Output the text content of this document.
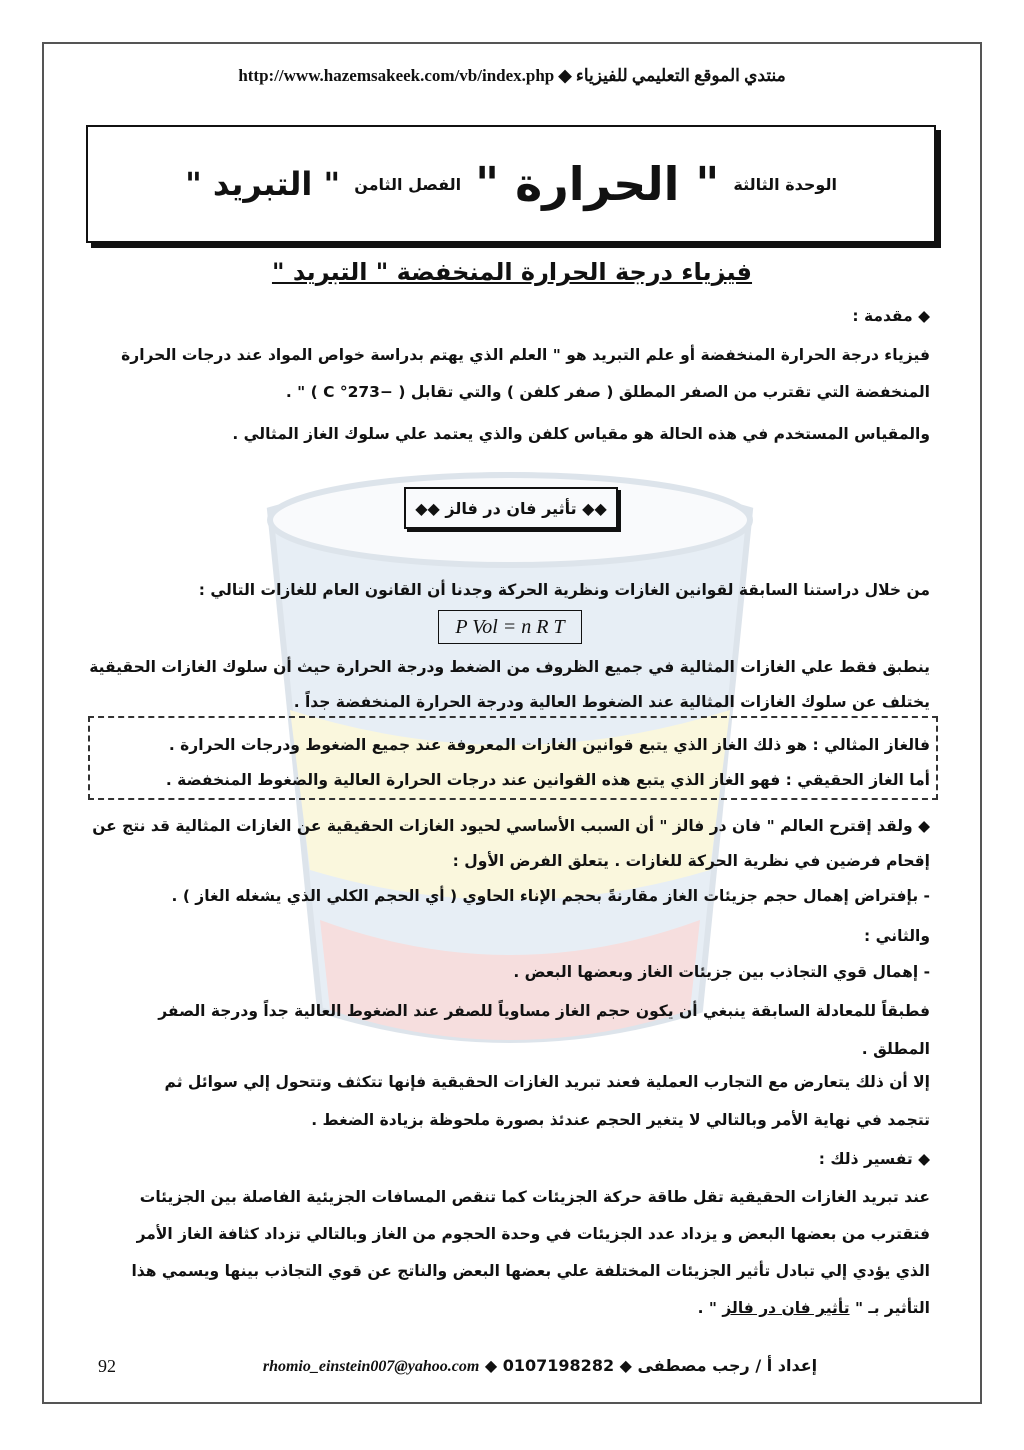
http://www.hazemsakeek.com/vb/index.php ◆ منتدي الموقع التعليمي للفيزياء
الوحدة الثالثة
" الحرارة "
الفصل الثامن
" التبريد "
فيزياء درجة الحرارة المنخفضة " التبريد "
◆ مقدمة :
فيزياء درجة الحرارة المنخفضة أو علم التبريد هو " العلم الذي يهتم بدراسة خواص المواد عند درجات الحرارة
المنخفضة التي تقترب من الصفر المطلق ( صفر كلفن ) والتي تقابل ( −273° C ) " .
والمقياس المستخدم في هذه الحالة هو مقياس كلفن والذي يعتمد علي سلوك الغاز المثالي .
◆◆ تأثير فان در فالز ◆◆
من خلال دراستنا السابقة لقوانين الغازات ونظرية الحركة وجدنا أن القانون العام للغازات التالي :
P Vol = n R T
ينطبق فقط علي الغازات المثالية في جميع الظروف من الضغط ودرجة الحرارة حيث أن سلوك الغازات الحقيقية
يختلف عن سلوك الغازات المثالية عند الضغوط العالية ودرجة الحرارة المنخفضة جداً .
فالغاز المثالي : هو ذلك الغاز الذي يتبع قوانين الغازات المعروفة عند جميع الضغوط ودرجات الحرارة .
أما الغاز الحقيقي : فهو الغاز الذي يتبع هذه القوانين عند درجات الحرارة العالية والضغوط المنخفضة .
◆ ولقد إقترح العالم " فان در فالز " أن السبب الأساسي لحيود الغازات الحقيقية عن الغازات المثالية قد نتج عن
إقحام فرضين في نظرية الحركة للغازات . يتعلق الفرض الأول :
- بإفتراض إهمال حجم جزيئات الغاز مقارنةً بحجم الإناء الحاوي ( أي الحجم الكلي الذي يشغله الغاز ) .
والثاني :
- إهمال قوي التجاذب بين جزيئات الغاز وبعضها البعض .
فطبقاً للمعادلة السابقة ينبغي أن يكون حجم الغاز مساوياً للصفر عند الضغوط العالية جداً ودرجة الصفر
المطلق .
إلا أن ذلك يتعارض مع التجارب العملية فعند تبريد الغازات الحقيقية فإنها تتكثف وتتحول إلي سوائل ثم
تتجمد في نهاية الأمر وبالتالي لا يتغير الحجم عندئذ بصورة ملحوظة بزيادة الضغط .
◆ تفسير ذلك :
عند تبريد الغازات الحقيقية تقل طاقة حركة الجزيئات كما تنقص المسافات الجزيئية الفاصلة بين الجزيئات
فتقترب من بعضها البعض و يزداد عدد الجزيئات في وحدة الحجوم من الغاز وبالتالي تزداد كثافة الغاز الأمر
الذي يؤدي إلي تبادل تأثير الجزيئات المختلفة علي بعضها البعض والناتج عن قوي التجاذب بينها ويسمي هذا
التأثير بـ " تأثير فان در فالز " .
92	rhomio_einstein007@yahoo.com ◆ 0107198282 ◆ إعداد أ / رجب مصطفى
